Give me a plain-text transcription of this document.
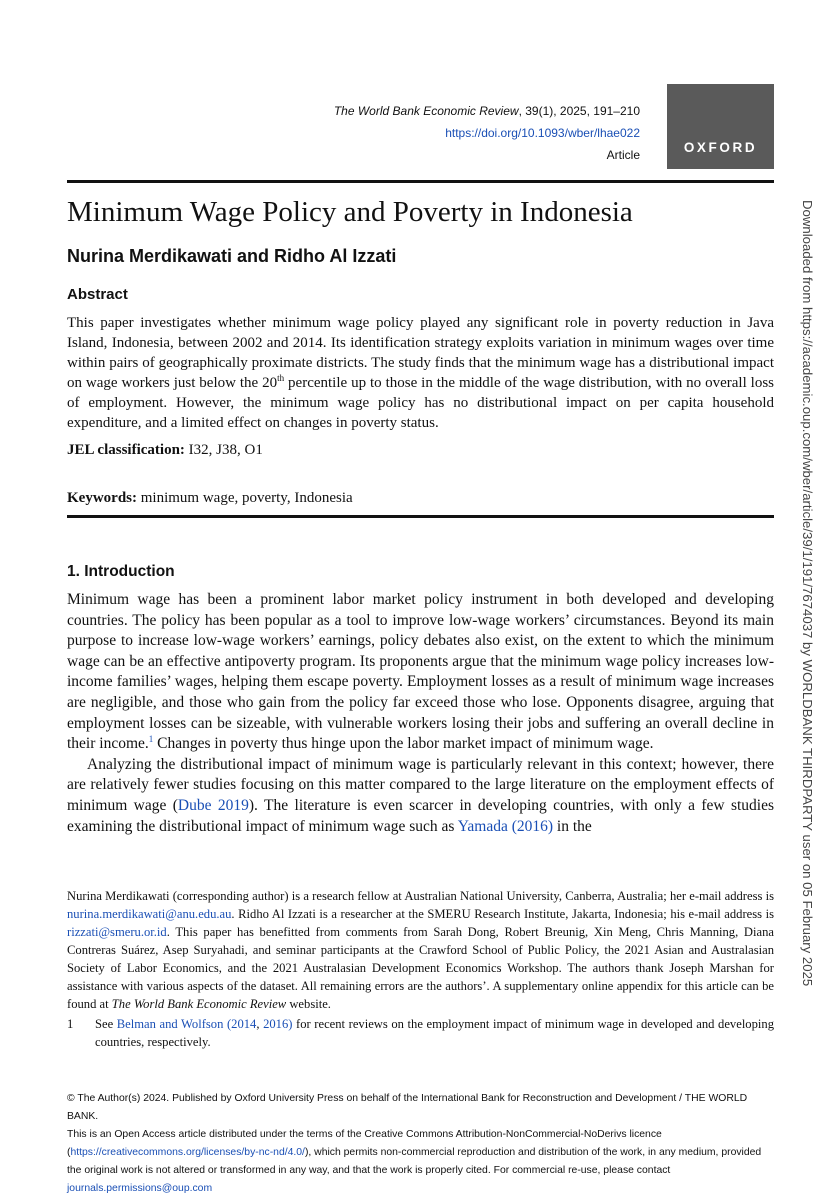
The World Bank Economic Review, 39(1), 2025, 191–210
https://doi.org/10.1093/wber/lhae022
Article	OXFORD
Minimum Wage Policy and Poverty in Indonesia
Nurina Merdikawati and Ridho Al Izzati
Abstract

This paper investigates whether minimum wage policy played any significant role in poverty reduction in Java Island, Indonesia, between 2002 and 2014. Its identification strategy exploits variation in minimum wages over time within pairs of geographically proximate districts. The study finds that the minimum wage has a distributional impact on wage workers just below the 20th percentile up to those in the middle of the wage distribution, with no overall loss of employment. However, the minimum wage policy has no distributional impact on per capita household expenditure, and a limited effect on changes in poverty status.

JEL classification: I32, J38, O1

Keywords: minimum wage, poverty, Indonesia

1. Introduction

Minimum wage has been a prominent labor market policy instrument in both developed and developing countries. The policy has been popular as a tool to improve low-wage workers’ circumstances. Beyond its main purpose to increase low-wage workers’ earnings, policy debates also exist, on the extent to which the minimum wage can be an effective antipoverty program. Its proponents argue that the minimum wage policy increases low-income families’ wages, helping them escape poverty. Employment losses as a result of minimum wage increases are negligible, and those who gain from the policy far exceed those who lose. Opponents disagree, arguing that employment losses can be sizeable, with vulnerable workers losing their jobs and suffering an overall decline in their income.$^1$ Changes in poverty thus hinge upon the labor market impact of minimum wage.

Analyzing the distributional impact of minimum wage is particularly relevant in this context; however, there are relatively fewer studies focusing on this matter compared to the large literature on the employment effects of minimum wage (Dube 2019). The literature is even scarcer in developing countries, with only a few studies examining the distributional impact of minimum wage such as Yamada (2016) in the

Nurina Merdikawati (corresponding author) is a research fellow at Australian National University, Canberra, Australia; her e-mail address is nurina.merdikawati@anu.edu.au. Ridho Al Izzati is a researcher at the SMERU Research Institute, Jakarta, Indonesia; his e-mail address is rizzati@smeru.or.id. This paper has benefitted from comments from Sarah Dong, Robert Breunig, Xin Meng, Chris Manning, Diana Contreras Suárez, Asep Suryahadi, and seminar participants at the Crawford School of Public Policy, the 2021 Asian and Australasian Society of Labor Economics, and the 2021 Australasian Development Economics Workshop. The authors thank Joseph Marshan for assistance with various aspects of the dataset. All remaining errors are the authors’. A supplementary online appendix for this article can be found at The World Bank Economic Review website.

1	See Belman and Wolfson (2014, 2016) for recent reviews on the employment impact of minimum wage in developed and developing countries, respectively.

© The Author(s) 2024. Published by Oxford University Press on behalf of the International Bank for Reconstruction and Development / THE WORLD BANK.

This is an Open Access article distributed under the terms of the Creative Commons Attribution-NonCommercial-NoDerivs licence

(https://creativecommons.org/licenses/by-nc-nd/4.0/), which permits non-commercial reproduction and distribution of the work, in any medium, provided

the original work is not altered or transformed in any way, and that the work is properly cited. For commercial re-use, please contact

journals.permissions@oup.com

Downloaded from https://academic.oup.com/wber/article/39/1/191/7674037 by WORLDBANK THIRDPARTY user on 05 February 2025
